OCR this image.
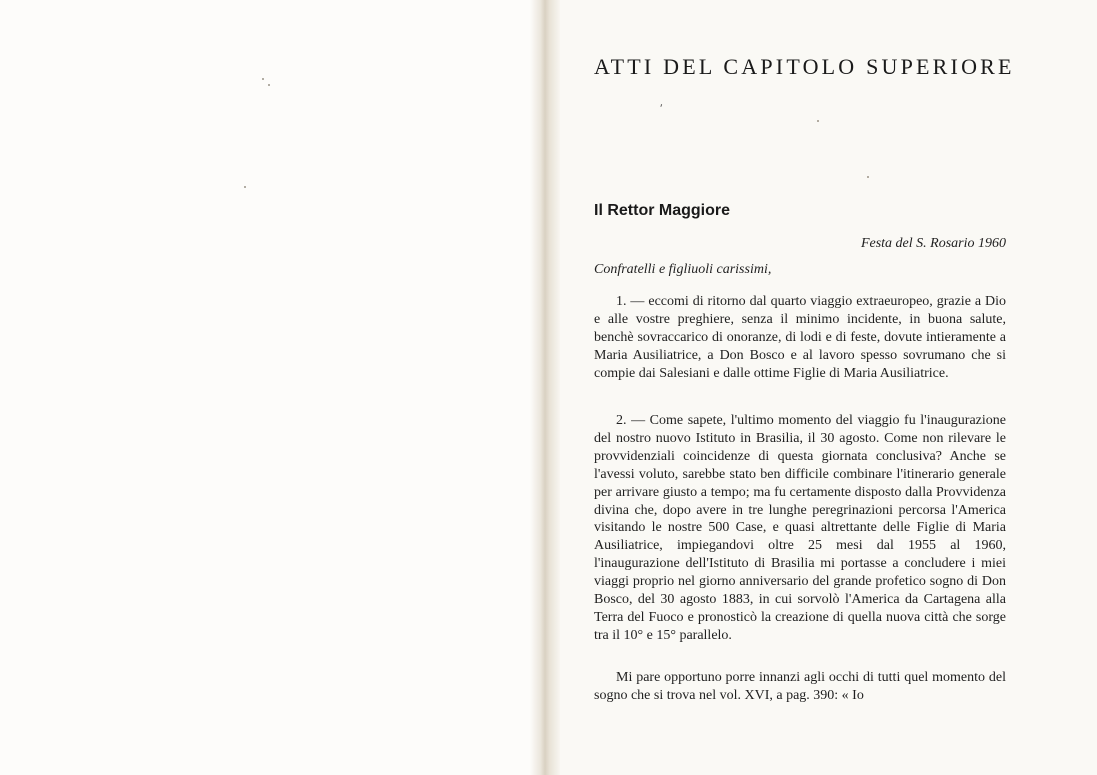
ATTI DEL CAPITOLO SUPERIORE
⸴
Il Rettor Maggiore
Festa del S. Rosario 1960
Confratelli e figliuoli carissimi,
1. — eccomi di ritorno dal quarto viaggio extraeuropeo, grazie a Dio e alle vostre preghiere, senza il minimo incidente, in buona salute, benchè sovraccarico di onoranze, di lodi e di feste, dovute intieramente a Maria Ausiliatrice, a Don Bosco e al lavoro spesso sovrumano che si compie dai Salesiani e dalle ottime Figlie di Maria Ausiliatrice.
2. — Come sapete, l'ultimo momento del viaggio fu l'inaugurazione del nostro nuovo Istituto in Brasilia, il 30 agosto. Come non rilevare le provvidenziali coincidenze di questa giornata conclusiva? Anche se l'avessi voluto, sarebbe stato ben difficile combinare l'itinerario generale per arrivare giusto a tempo; ma fu certamente disposto dalla Provvidenza divina che, dopo avere in tre lunghe peregrinazioni percorsa l'America visitando le nostre 500 Case, e quasi altrettante delle Figlie di Maria Ausiliatrice, impiegandovi oltre 25 mesi dal 1955 al 1960, l'inaugurazione dell'Istituto di Brasilia mi portasse a concludere i miei viaggi proprio nel giorno anniversario del grande profetico sogno di Don Bosco, del 30 agosto 1883, in cui sorvolò l'America da Cartagena alla Terra del Fuoco e pronosticò la creazione di quella nuova città che sorge tra il 10° e 15° parallelo.
Mi pare opportuno porre innanzi agli occhi di tutti quel momento del sogno che si trova nel vol. XVI, a pag. 390: « Io
